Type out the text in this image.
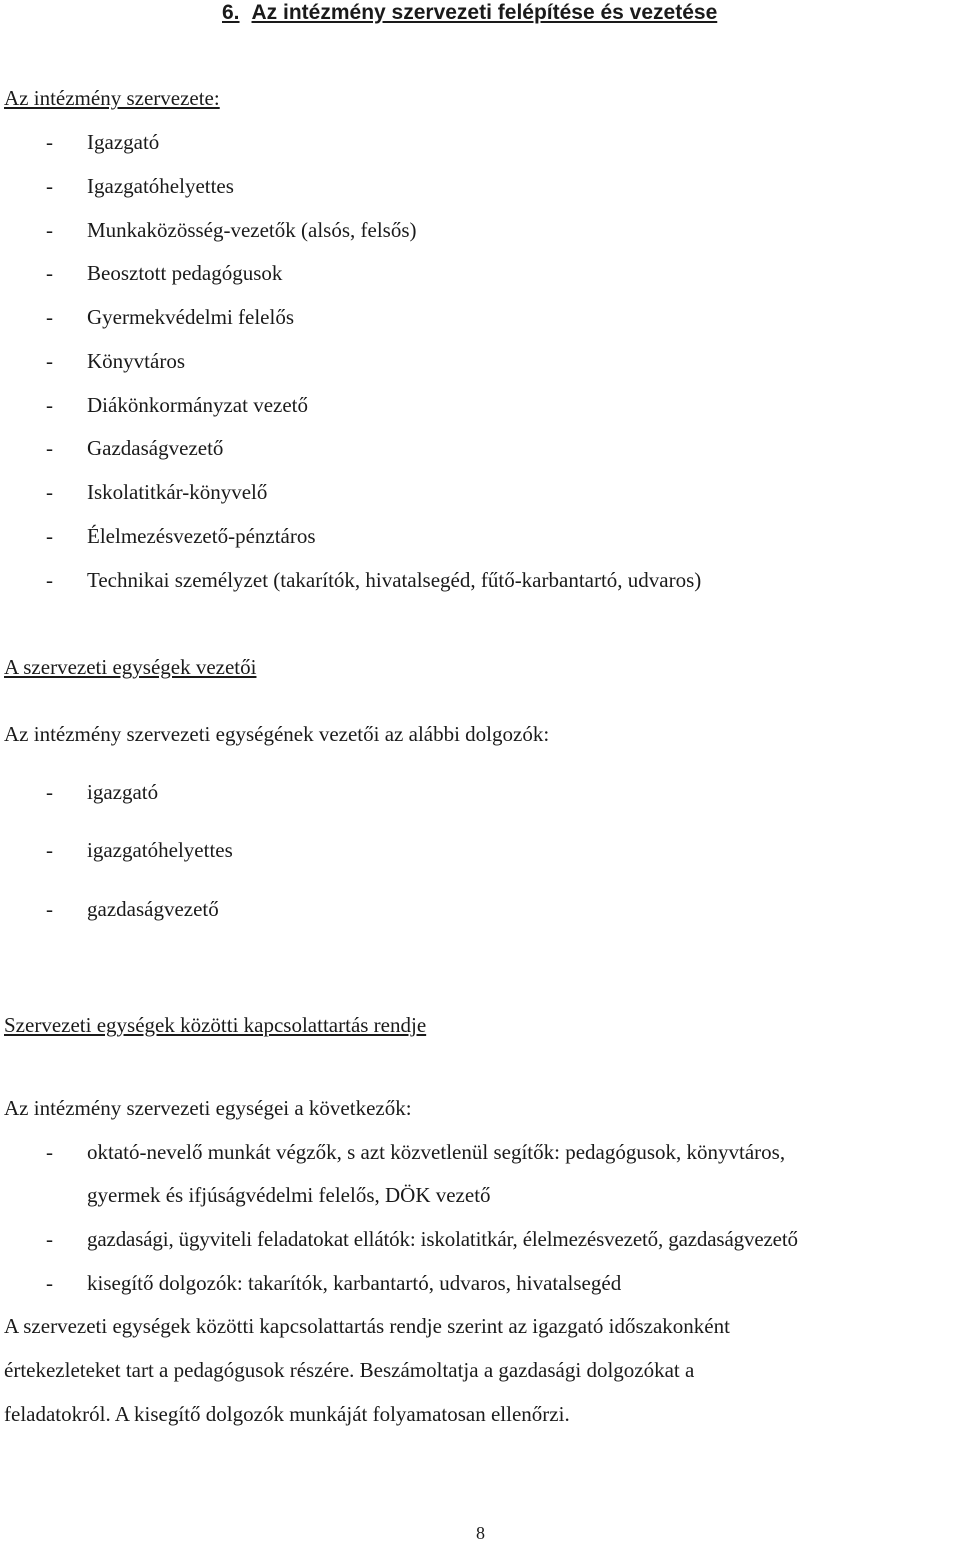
6. Az intézmény szervezeti felépítése és vezetése
Az intézmény szervezete:
- Igazgató
- Igazgatóhelyettes
- Munkaközösség-vezetők (alsós, felsős)
- Beosztott pedagógusok
- Gyermekvédelmi felelős
- Könyvtáros
- Diákönkormányzat vezető
- Gazdaságvezető
- Iskolatitkár-könyvelő
- Élelmezésvezető-pénztáros
- Technikai személyzet (takarítók, hivatalsegéd, fűtő-karbantartó, udvaros)
A szervezeti egységek vezetői
Az intézmény szervezeti egységének vezetői az alábbi dolgozók:
- igazgató
- igazgatóhelyettes
- gazdaságvezető
Szervezeti egységek közötti kapcsolattartás rendje
Az intézmény szervezeti egységei a következők:
- oktató-nevelő munkát végzők, s azt közvetlenül segítők: pedagógusok, könyvtáros,
gyermek és ifjúságvédelmi felelős, DÖK vezető
- gazdasági, ügyviteli feladatokat ellátók: iskolatitkár, élelmezésvezető, gazdaságvezető
- kisegítő dolgozók: takarítók, karbantartó, udvaros, hivatalsegéd
A szervezeti egységek közötti kapcsolattartás rendje szerint az igazgató időszakonként
értekezleteket tart a pedagógusok részére. Beszámoltatja a gazdasági dolgozókat a
feladatokról. A kisegítő dolgozók munkáját folyamatosan ellenőrzi.
8
